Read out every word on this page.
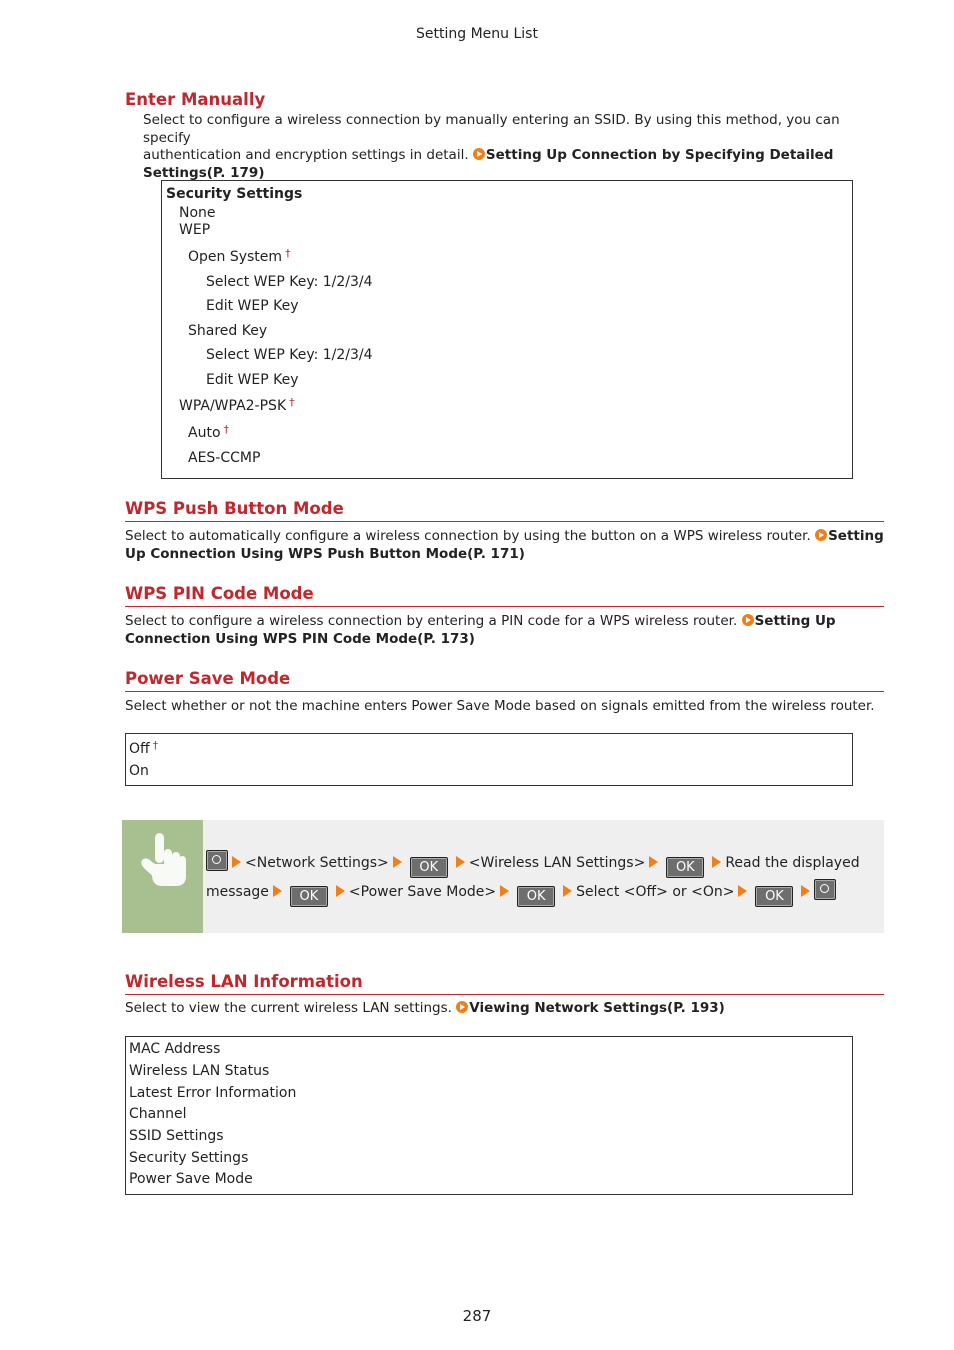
Setting Menu List
Enter Manually
Select to configure a wireless connection by manually entering an SSID. By using this method, you can specify
authentication and encryption settings in detail. Setting Up Connection by Specifying Detailed
Settings(P. 179)
Security Settings
None
WEP
Open System †
Select WEP Key: 1/2/3/4
Edit WEP Key
Shared Key
Select WEP Key: 1/2/3/4
Edit WEP Key
WPA/WPA2-PSK †
Auto †
AES-CCMP
WPS Push Button Mode
Select to automatically configure a wireless connection by using the button on a WPS wireless router. Setting
Up Connection Using WPS Push Button Mode(P. 171)
WPS PIN Code Mode
Select to configure a wireless connection by entering a PIN code for a WPS wireless router. Setting Up
Connection Using WPS PIN Code Mode(P. 173)
Power Save Mode
Select whether or not the machine enters Power Save Mode based on signals emitted from the wireless router.
Off †
On
<Network Settings> OK <Wireless LAN Settings> OK Read the displayed
message OK <Power Save Mode> OK Select <Off> or <On> OK
Wireless LAN Information
Select to view the current wireless LAN settings. Viewing Network Settings(P. 193)
MAC Address
Wireless LAN Status
Latest Error Information
Channel
SSID Settings
Security Settings
Power Save Mode
287
